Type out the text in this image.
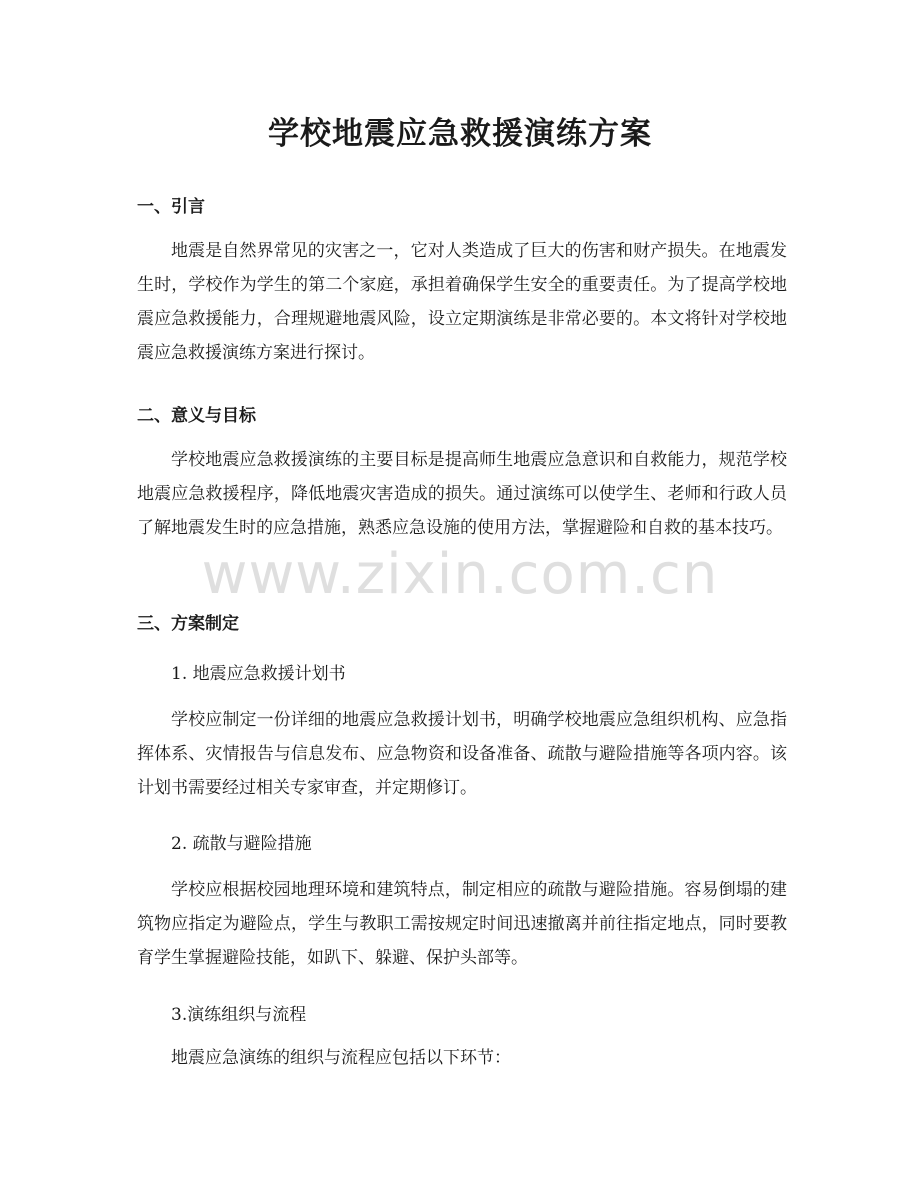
学校地震应急救援演练方案
一、引言

地震是自然界常见的灾害之一，它对人类造成了巨大的伤害和财产损失。在地震发生时，学校作为学生的第二个家庭，承担着确保学生安全的重要责任。为了提高学校地震应急救援能力，合理规避地震风险，设立定期演练是非常必要的。本文将针对学校地震应急救援演练方案进行探讨。

二、意义与目标

学校地震应急救援演练的主要目标是提高师生地震应急意识和自救能力，规范学校地震应急救援程序，降低地震灾害造成的损失。通过演练可以使学生、老师和行政人员了解地震发生时的应急措施，熟悉应急设施的使用方法，掌握避险和自救的基本技巧。

三、方案制定

1. 地震应急救援计划书

学校应制定一份详细的地震应急救援计划书，明确学校地震应急组织机构、应急指挥体系、灾情报告与信息发布、应急物资和设备准备、疏散与避险措施等各项内容。该计划书需要经过相关专家审查，并定期修订。

2. 疏散与避险措施

学校应根据校园地理环境和建筑特点，制定相应的疏散与避险措施。容易倒塌的建筑物应指定为避险点，学生与教职工需按规定时间迅速撤离并前往指定地点，同时要教育学生掌握避险技能，如趴下、躲避、保护头部等。

3.演练组织与流程

地震应急演练的组织与流程应包括以下环节：

www.zixin.com.cn
